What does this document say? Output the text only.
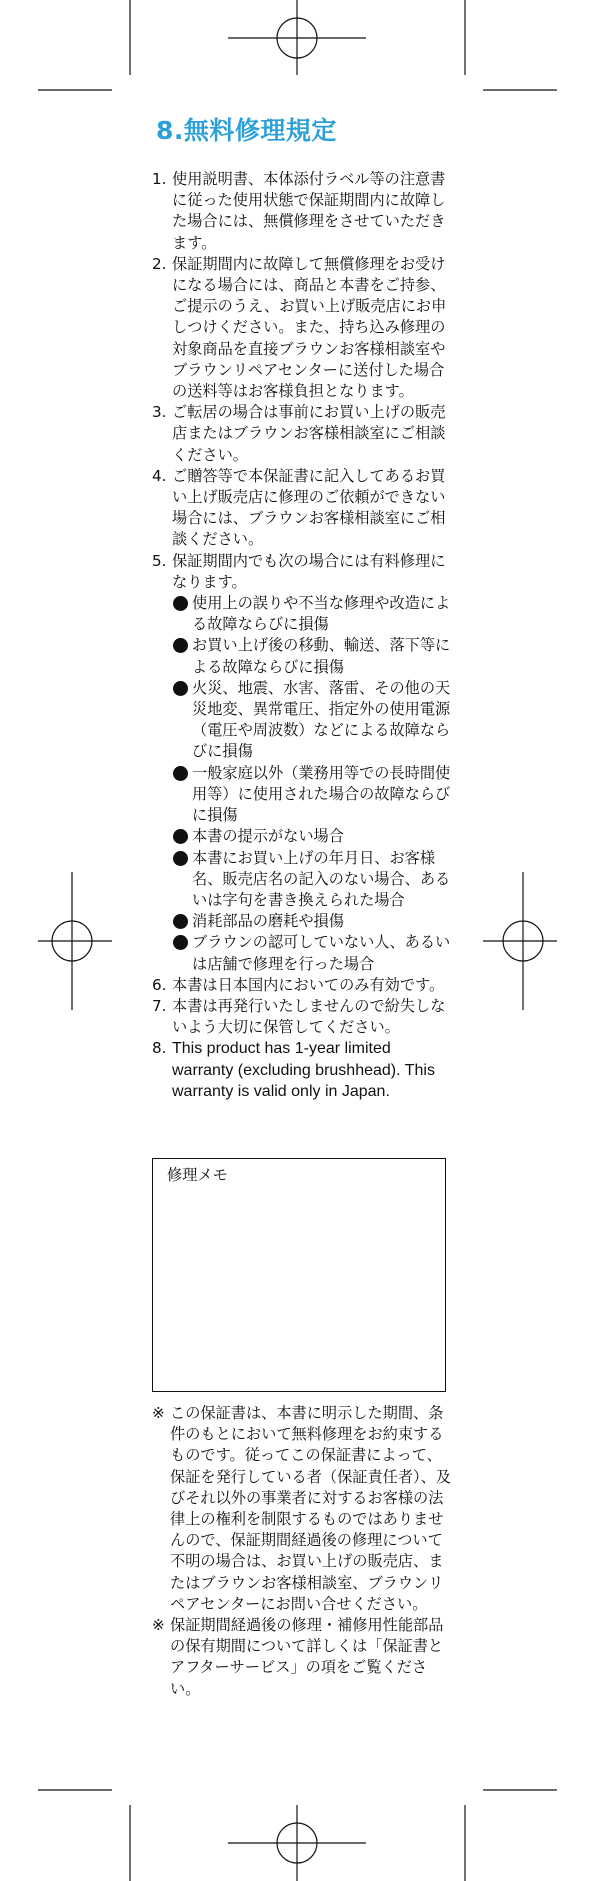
8.無料修理規定
1. 使用説明書、本体添付ラベル等の注意書に従った使用状態で保証期間内に故障した場合には、無償修理をさせていただきます。
2. 保証期間内に故障して無償修理をお受けになる場合には、商品と本書をご持参、ご提示のうえ、お買い上げ販売店にお申しつけください。また、持ち込み修理の対象商品を直接ブラウンお客様相談室やブラウンリペアセンターに送付した場合の送料等はお客様負担となります。
3. ご転居の場合は事前にお買い上げの販売店またはブラウンお客様相談室にご相談ください。
4. ご贈答等で本保証書に記入してあるお買い上げ販売店に修理のご依頼ができない場合には、ブラウンお客様相談室にご相談ください。
5. 保証期間内でも次の場合には有料修理になります。
使用上の誤りや不当な修理や改造による故障ならびに損傷
お買い上げ後の移動、輸送、落下等による故障ならびに損傷
火災、地震、水害、落雷、その他の天災地変、異常電圧、指定外の使用電源（電圧や周波数）などによる故障ならびに損傷
一般家庭以外（業務用等での長時間使用等）に使用された場合の故障ならびに損傷
本書の提示がない場合
本書にお買い上げの年月日、お客様名、販売店名の記入のない場合、あるいは字句を書き換えられた場合
消耗部品の磨耗や損傷
ブラウンの認可していない人、あるいは店舗で修理を行った場合
6. 本書は日本国内においてのみ有効です。
7. 本書は再発行いたしませんので紛失しないよう大切に保管してください。
8. This product has 1-year limited warranty (excluding brushhead). This warranty is valid only in Japan.
修理メモ
※ この保証書は、本書に明示した期間、条件のもとにおいて無料修理をお約束するものです。従ってこの保証書によって、保証を発行している者（保証責任者）、及びそれ以外の事業者に対するお客様の法律上の権利を制限するものではありませんので、保証期間経過後の修理について不明の場合は、お買い上げの販売店、またはブラウンお客様相談室、ブラウンリペアセンターにお問い合せください。
※ 保証期間経過後の修理・補修用性能部品の保有期間について詳しくは「保証書とアフターサービス」の項をご覧ください。
